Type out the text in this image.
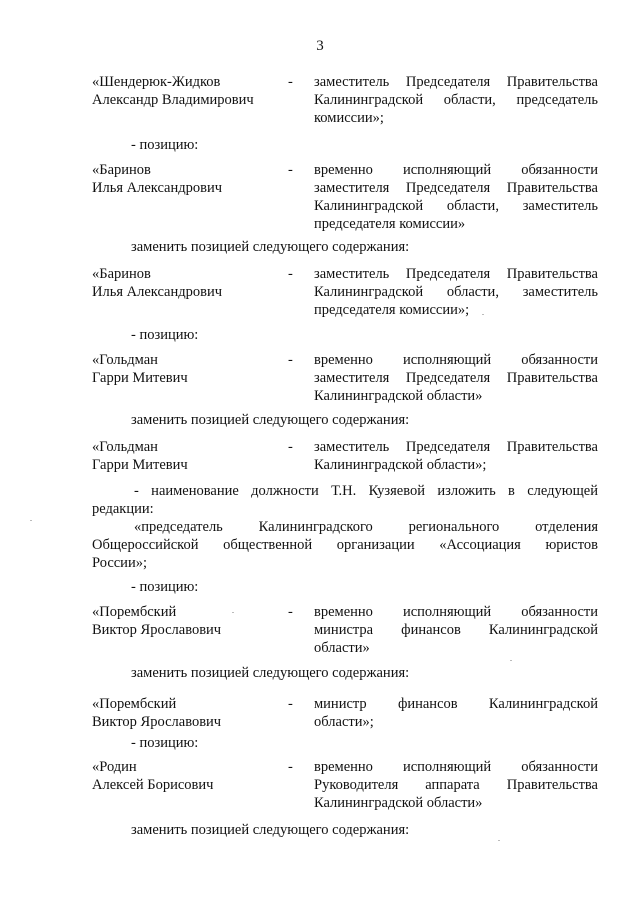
3
«Шендерюк-Жидков
Александр Владимирович
-	заместитель Председателя Правительства
Калининградской области, председатель
комиссии»;
- позицию:
«Баринов
Илья Александрович
-	временно исполняющий обязанности
заместителя Председателя Правительства
Калининградской области, заместитель
председателя комиссии»
заменить позицией следующего содержания:
«Баринов
Илья Александрович
-	заместитель Председателя Правительства
Калининградской области, заместитель
председателя комиссии»;
- позицию:
«Гольдман
Гарри Митевич
-	временно исполняющий обязанности
заместителя Председателя Правительства
Калининградской области»
заменить позицией следующего содержания:
«Гольдман
Гарри Митевич
-	заместитель Председателя Правительства
Калининградской области»;
- наименование должности Т.Н. Кузяевой изложить в следующей
редакции:
«председатель Калининградского регионального отделения
Общероссийской общественной организации «Ассоциация юристов
России»;
- позицию:
«Порембский
Виктор Ярославович
-	временно исполняющий обязанности
министра финансов Калининградской
области»
заменить позицией следующего содержания:
«Порембский
Виктор Ярославович
-	министр финансов Калининградской
области»;
- позицию:
«Родин
Алексей Борисович
-	временно исполняющий обязанности
Руководителя аппарата Правительства
Калининградской области»
заменить позицией следующего содержания:
